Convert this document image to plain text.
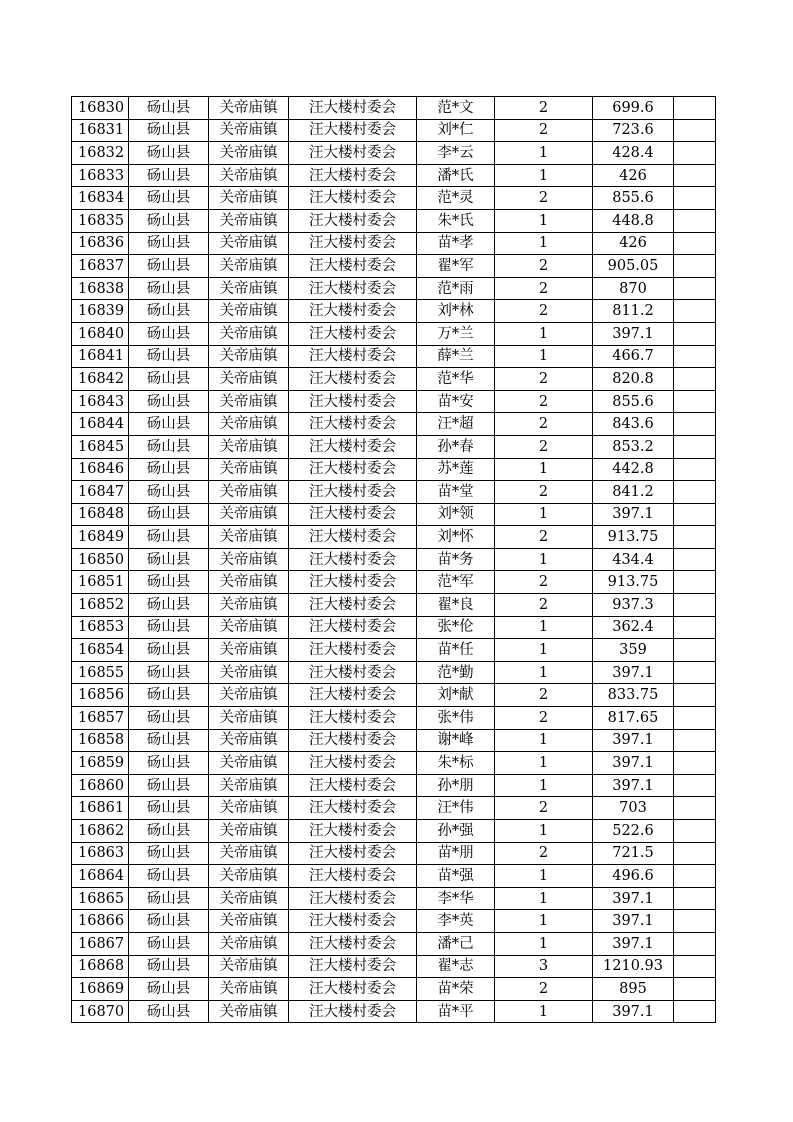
16830	砀山县	关帝庙镇	汪大楼村委会	范*文	2	699.6	
16831	砀山县	关帝庙镇	汪大楼村委会	刘*仁	2	723.6	
16832	砀山县	关帝庙镇	汪大楼村委会	李*云	1	428.4	
16833	砀山县	关帝庙镇	汪大楼村委会	潘*氏	1	426	
16834	砀山县	关帝庙镇	汪大楼村委会	范*灵	2	855.6	
16835	砀山县	关帝庙镇	汪大楼村委会	朱*氏	1	448.8	
16836	砀山县	关帝庙镇	汪大楼村委会	苗*孝	1	426	
16837	砀山县	关帝庙镇	汪大楼村委会	翟*军	2	905.05	
16838	砀山县	关帝庙镇	汪大楼村委会	范*雨	2	870	
16839	砀山县	关帝庙镇	汪大楼村委会	刘*林	2	811.2	
16840	砀山县	关帝庙镇	汪大楼村委会	万*兰	1	397.1	
16841	砀山县	关帝庙镇	汪大楼村委会	薛*兰	1	466.7	
16842	砀山县	关帝庙镇	汪大楼村委会	范*华	2	820.8	
16843	砀山县	关帝庙镇	汪大楼村委会	苗*安	2	855.6	
16844	砀山县	关帝庙镇	汪大楼村委会	汪*超	2	843.6	
16845	砀山县	关帝庙镇	汪大楼村委会	孙*春	2	853.2	
16846	砀山县	关帝庙镇	汪大楼村委会	苏*莲	1	442.8	
16847	砀山县	关帝庙镇	汪大楼村委会	苗*堂	2	841.2	
16848	砀山县	关帝庙镇	汪大楼村委会	刘*领	1	397.1	
16849	砀山县	关帝庙镇	汪大楼村委会	刘*怀	2	913.75	
16850	砀山县	关帝庙镇	汪大楼村委会	苗*务	1	434.4	
16851	砀山县	关帝庙镇	汪大楼村委会	范*军	2	913.75	
16852	砀山县	关帝庙镇	汪大楼村委会	翟*良	2	937.3	
16853	砀山县	关帝庙镇	汪大楼村委会	张*伦	1	362.4	
16854	砀山县	关帝庙镇	汪大楼村委会	苗*任	1	359	
16855	砀山县	关帝庙镇	汪大楼村委会	范*勤	1	397.1	
16856	砀山县	关帝庙镇	汪大楼村委会	刘*献	2	833.75	
16857	砀山县	关帝庙镇	汪大楼村委会	张*伟	2	817.65	
16858	砀山县	关帝庙镇	汪大楼村委会	谢*峰	1	397.1	
16859	砀山县	关帝庙镇	汪大楼村委会	朱*标	1	397.1	
16860	砀山县	关帝庙镇	汪大楼村委会	孙*朋	1	397.1	
16861	砀山县	关帝庙镇	汪大楼村委会	汪*伟	2	703	
16862	砀山县	关帝庙镇	汪大楼村委会	孙*强	1	522.6	
16863	砀山县	关帝庙镇	汪大楼村委会	苗*朋	2	721.5	
16864	砀山县	关帝庙镇	汪大楼村委会	苗*强	1	496.6	
16865	砀山县	关帝庙镇	汪大楼村委会	李*华	1	397.1	
16866	砀山县	关帝庙镇	汪大楼村委会	李*英	1	397.1	
16867	砀山县	关帝庙镇	汪大楼村委会	潘*己	1	397.1	
16868	砀山县	关帝庙镇	汪大楼村委会	翟*志	3	1210.93	
16869	砀山县	关帝庙镇	汪大楼村委会	苗*荣	2	895	
16870	砀山县	关帝庙镇	汪大楼村委会	苗*平	1	397.1	
